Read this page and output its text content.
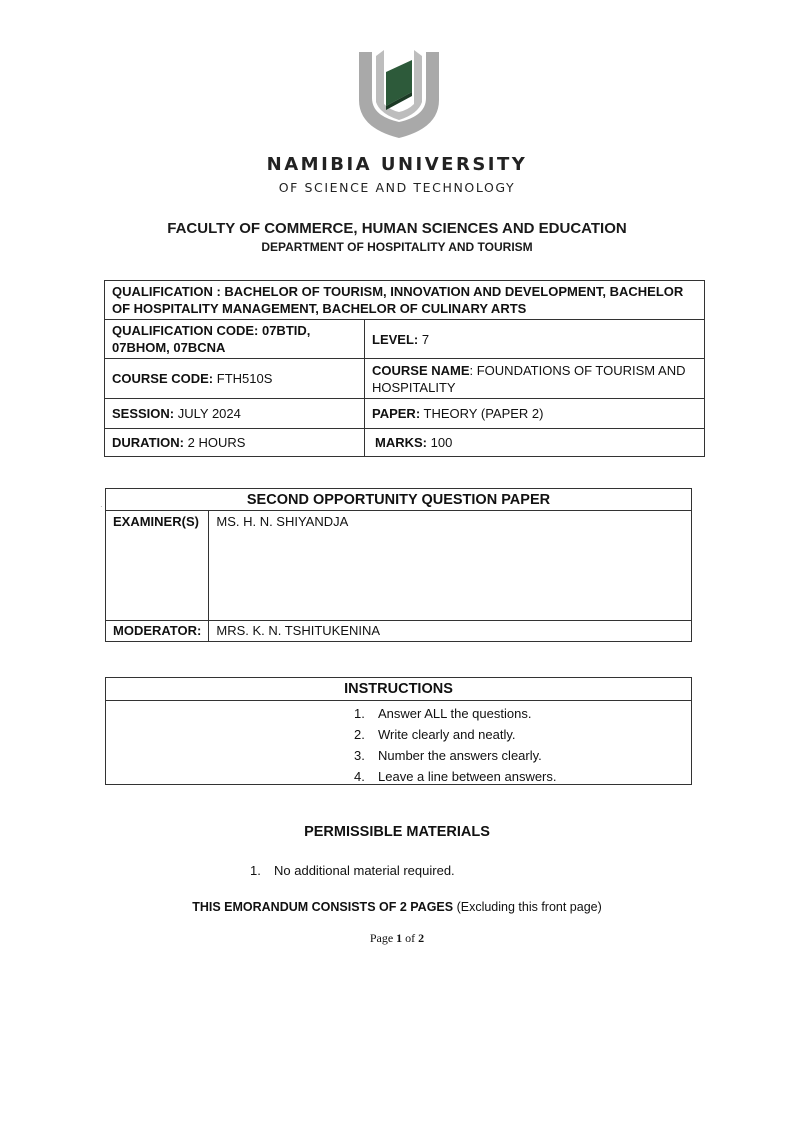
NAMIBIA UNIVERSITY
OF SCIENCE AND TECHNOLOGY
FACULTY OF COMMERCE, HUMAN SCIENCES AND EDUCATION
DEPARTMENT OF HOSPITALITY AND TOURISM
QUALIFICATION : BACHELOR OF TOURISM, INNOVATION AND DEVELOPMENT, BACHELOR OF HOSPITALITY MANAGEMENT, BACHELOR OF CULINARY ARTS	
QUALIFICATION CODE: 07BTID, 07BHOM, 07BCNA	LEVEL: 7
COURSE CODE: FTH510S	COURSE NAME: FOUNDATIONS OF TOURISM AND HOSPITALITY
SESSION: JULY 2024	PAPER: THEORY (PAPER 2)
DURATION: 2 HOURS	MARKS: 100
·	SECOND OPPORTUNITY QUESTION PAPER	
EXAMINER(S)	MS. H. N. SHIYANDJA
MODERATOR:	MRS. K. N. TSHITUKENINA
INSTRUCTIONS
1. Answer ALL the questions.
2. Write clearly and neatly.
3. Number the answers clearly.
4. Leave a line between answers.
PERMISSIBLE MATERIALS
1. No additional material required.
THIS EMORANDUM CONSISTS OF 2 PAGES (Excluding this front page)
Page 1 of 2
